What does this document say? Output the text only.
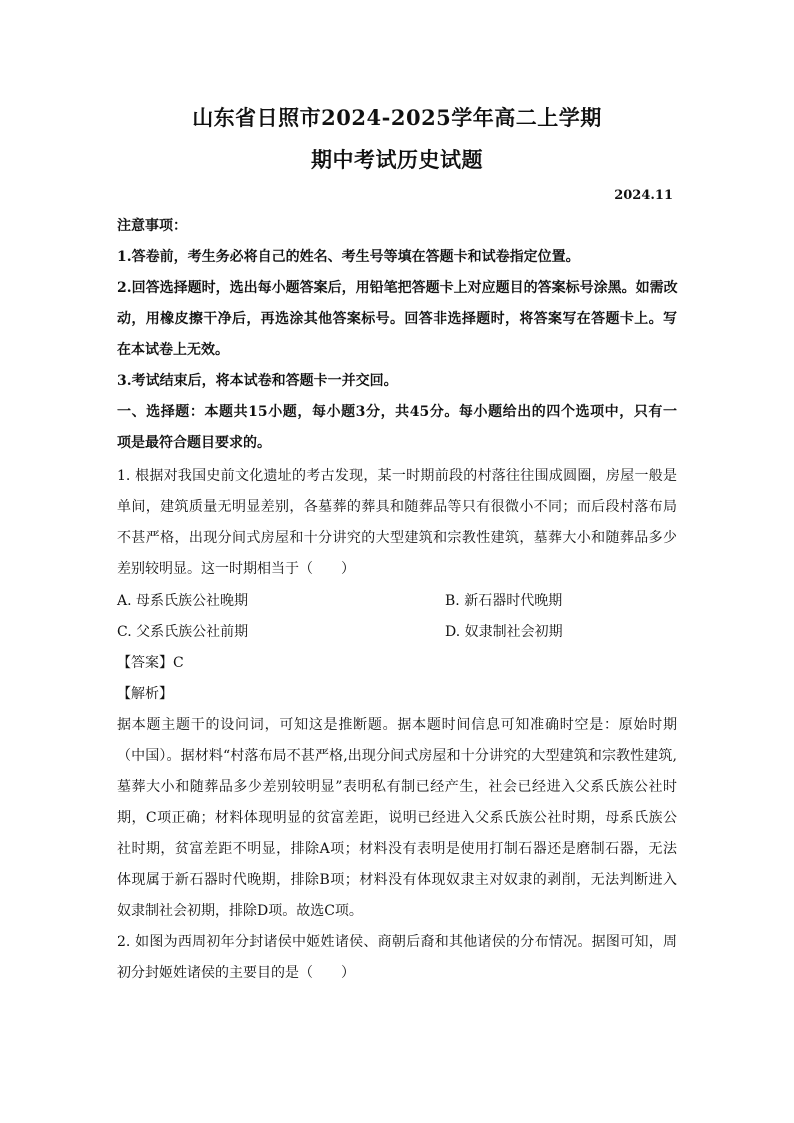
山东省日照市2024-2025学年高二上学期
期中考试历史试题
2024.11
注意事项：
1.答卷前，考生务必将自己的姓名、考生号等填在答题卡和试卷指定位置。
2.回答选择题时，选出每小题答案后，用铅笔把答题卡上对应题目的答案标号涂黑。如需改
动，用橡皮擦干净后，再选涂其他答案标号。回答非选择题时，将答案写在答题卡上。写
在本试卷上无效。
3.考试结束后，将本试卷和答题卡一并交回。
一、选择题：本题共15小题，每小题3分，共45分。每小题给出的四个选项中，只有一
项是最符合题目要求的。
1. 根据对我国史前文化遗址的考古发现，某一时期前段的村落往往围成圆圈，房屋一般是
单间，建筑质量无明显差别，各墓葬的葬具和随葬品等只有很微小不同；而后段村落布局
不甚严格，出现分间式房屋和十分讲究的大型建筑和宗教性建筑，墓葬大小和随葬品多少
差别较明显。这一时期相当于（　　）
A. 母系氏族公社晚期	B. 新石器时代晚期
C. 父系氏族公社前期	D. 奴隶制社会初期
【答案】C
【解析】
据本题主题干的设问词，可知这是推断题。据本题时间信息可知准确时空是：原始时期
（中国）。据材料“村落布局不甚严格,出现分间式房屋和十分讲究的大型建筑和宗教性建筑,
墓葬大小和随葬品多少差别较明显”表明私有制已经产生，社会已经进入父系氏族公社时
期，C项正确；材料体现明显的贫富差距，说明已经进入父系氏族公社时期，母系氏族公
社时期，贫富差距不明显，排除A项；材料没有表明是使用打制石器还是磨制石器，无法
体现属于新石器时代晚期，排除B项；材料没有体现奴隶主对奴隶的剥削，无法判断进入
奴隶制社会初期，排除D项。故选C项。
2. 如图为西周初年分封诸侯中姬姓诸侯、商朝后裔和其他诸侯的分布情况。据图可知，周
初分封姬姓诸侯的主要目的是（　　）
